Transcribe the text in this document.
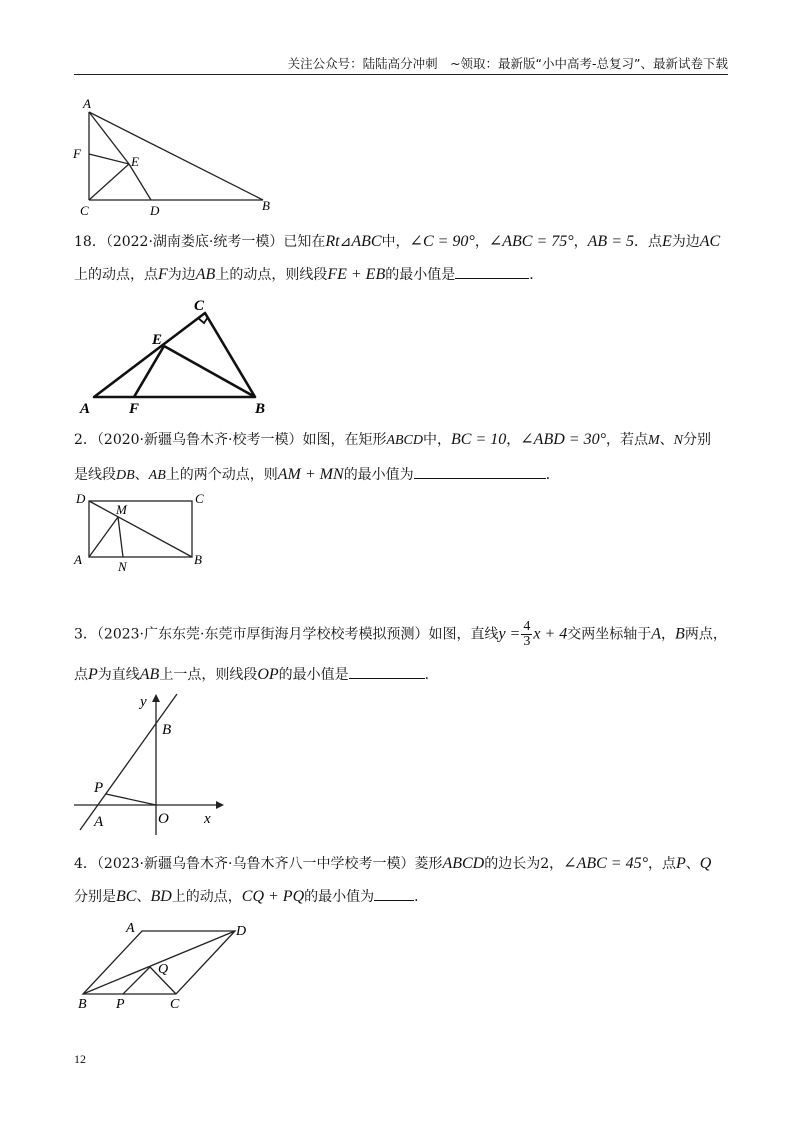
关注公众号：陆陆高分冲刺　~领取：最新版“小中高考-总复习”、最新试卷下载
A
F
E
C	D	B
18．（2022·湖南娄底·统考一模）已知在Rt⊿ABC中，∠C = 90°，∠ABC = 75°，AB = 5．点E为边AC
上的动点，点F为边AB上的动点，则线段FE + EB的最小值是	．
C
E
A	F	B
2．（2020·新疆乌鲁木齐·校考一模）如图，在矩形ABCD中，BC = 10，∠ABD = 30°，若点M、N分别
是线段DB、AB上的两个动点，则AM + MN的最小值为	．
D	C
M
A	N	B
3．（2023·广东东莞·东莞市厚街海月学校校考模拟预测）如图，直线$y = \frac{4}{3}$ x + 4交两坐标轴于A，B两点，
点P为直线AB上一点，则线段OP的最小值是	．
y
B
P
A	O x
4．（2023·新疆乌鲁木齐·乌鲁木齐八一中学校考一模）菱形ABCD的边长为2，∠ABC = 45°，点P、Q
分别是BC、BD上的动点，CQ + PQ的最小值为	．
A	D
Q
B P	C
12
